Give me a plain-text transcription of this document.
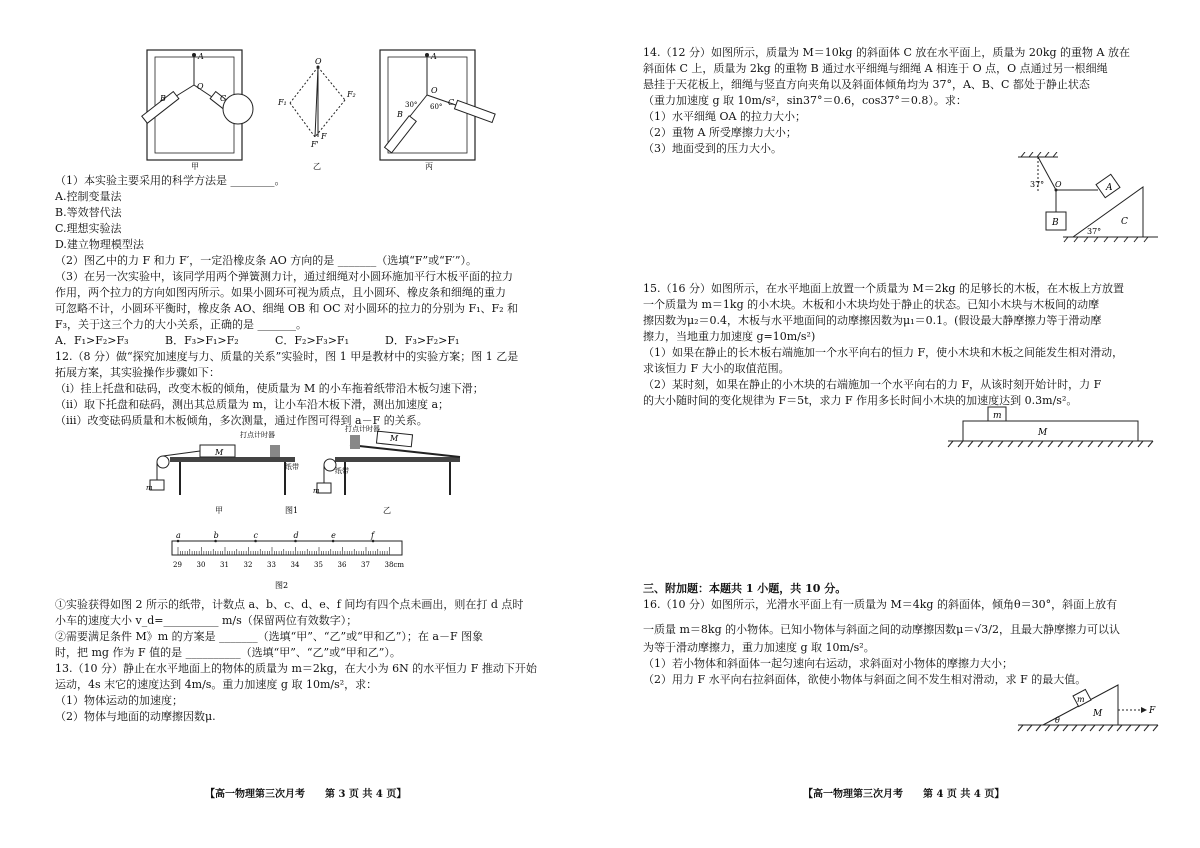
A
O
B	C
甲
O
F₁
F₂
F'
F
乙
A
O
B
C
30° 60°
丙
（1）本实验主要采用的科学方法是 ________。
A.控制变量法
B.等效替代法
C.理想实验法
D.建立物理模型法
（2）图乙中的力 F 和力 F′，一定沿橡皮条 AO 方向的是 _______（选填“F”或“F′”）。
（3）在另一次实验中，该同学用两个弹簧测力计，通过细绳对小圆环施加平行木板平面的拉力
作用，两个拉力的方向如图丙所示。如果小圆环可视为质点，且小圆环、橡皮条和细绳的重力
可忽略不计，小圆环平衡时，橡皮条 AO、细绳 OB 和 OC 对小圆环的拉力的分别为 F₁、F₂ 和
F₃，关于这三个力的大小关系，正确的是 _______。
A．F₁>F₂>F₃	B．F₃>F₁>F₂	C．F₂>F₃>F₁	D．F₃>F₂>F₁
12.（8 分）做“探究加速度与力、质量的关系”实验时，图 1 甲是教材中的实验方案；图 1 乙是
拓展方案，其实验操作步骤如下：
（i）挂上托盘和砝码，改变木板的倾角，使质量为 M 的小车拖着纸带沿木板匀速下滑；
（ii）取下托盘和砝码，测出其总质量为 m，让小车沿木板下滑，测出加速度 a；
（iii）改变砝码质量和木板倾角，多次测量，通过作图可得到 a－F 的关系。
M
打点计时器
纸带
m
甲	图1
M
打点计时器
纸带
m
乙
a	b	c	d	e	f
29 30 31 32 33 34 35 36 37 38cm
图2
①实验获得如图 2 所示的纸带，计数点 a、b、c、d、e、f 间均有四个点未画出，则在打 d 点时
小车的速度大小 v_d=__________ m/s（保留两位有效数字）；
②需要满足条件 M》m 的方案是 _______（选填“甲”、“乙”或“甲和乙”）；在 a－F 图象
时，把 mg 作为 F 值的是 __________（选填“甲”、“乙”或“甲和乙”）。
13.（10 分）静止在水平地面上的物体的质量为 m＝2kg，在大小为 6N 的水平恒力 F 推动下开始
运动，4s 末它的速度达到 4m/s。重力加速度 g 取 10m/s²，求：
（1）物体运动的加速度；
（2）物体与地面的动摩擦因数μ.
【高一物理第三次月考　　第 3 页 共 4 页】
14.（12 分）如图所示，质量为 M＝10kg 的斜面体 C 放在水平面上，质量为 20kg 的重物 A 放在
斜面体 C 上，质量为 2kg 的重物 B 通过水平细绳与细绳 A 相连于 O 点，O 点通过另一根细绳
悬挂于天花板上，细绳与竖直方向夹角以及斜面体倾角均为 37°，A、B、C 都处于静止状态
（重力加速度 g 取 10m/s²，sin37°＝0.6，cos37°＝0.8）。求：
（1）水平细绳 OA 的拉力大小；
（2）重物 A 所受摩擦力大小；
（3）地面受到的压力大小。
37° O	A
B	C
37°
15.（16 分）如图所示，在水平地面上放置一个质量为 M＝2kg 的足够长的木板，在木板上方放置
一个质量为 m＝1kg 的小木块。木板和小木块均处于静止的状态。已知小木块与木板间的动摩
擦因数为μ₂＝0.4，木板与水平地面间的动摩擦因数为μ₁＝0.1。(假设最大静摩擦力等于滑动摩
擦力，当地重力加速度 g=10m/s²)
（1）如果在静止的长木板右端施加一个水平向右的恒力 F，使小木块和木板之间能发生相对滑动，
求该恒力 F 大小的取值范围。
（2）某时刻，如果在静止的小木块的右端施加一个水平向右的力 F，从该时刻开始计时，力 F
的大小随时间的变化规律为 F＝5t，求力 F 作用多长时间小木块的加速度达到 0.3m/s²。
m
M
三、附加题：本题共 1 小题，共 10 分。
16.（10 分）如图所示，光滑水平面上有一质量为 M＝4kg 的斜面体，倾角θ＝30°，斜面上放有
一质量 m＝8kg 的小物体。已知小物体与斜面之间的动摩擦因数μ＝√3/2，且最大静摩擦力可以认
为等于滑动摩擦力，重力加速度 g 取 10m/s²。
（1）若小物体和斜面体一起匀速向右运动，求斜面对小物体的摩擦力大小；
（2）用力 F 水平向右拉斜面体，欲使小物体与斜面之间不发生相对滑动，求 F 的最大值。
m
M
θ
F
【高一物理第三次月考　　第 4 页 共 4 页】
